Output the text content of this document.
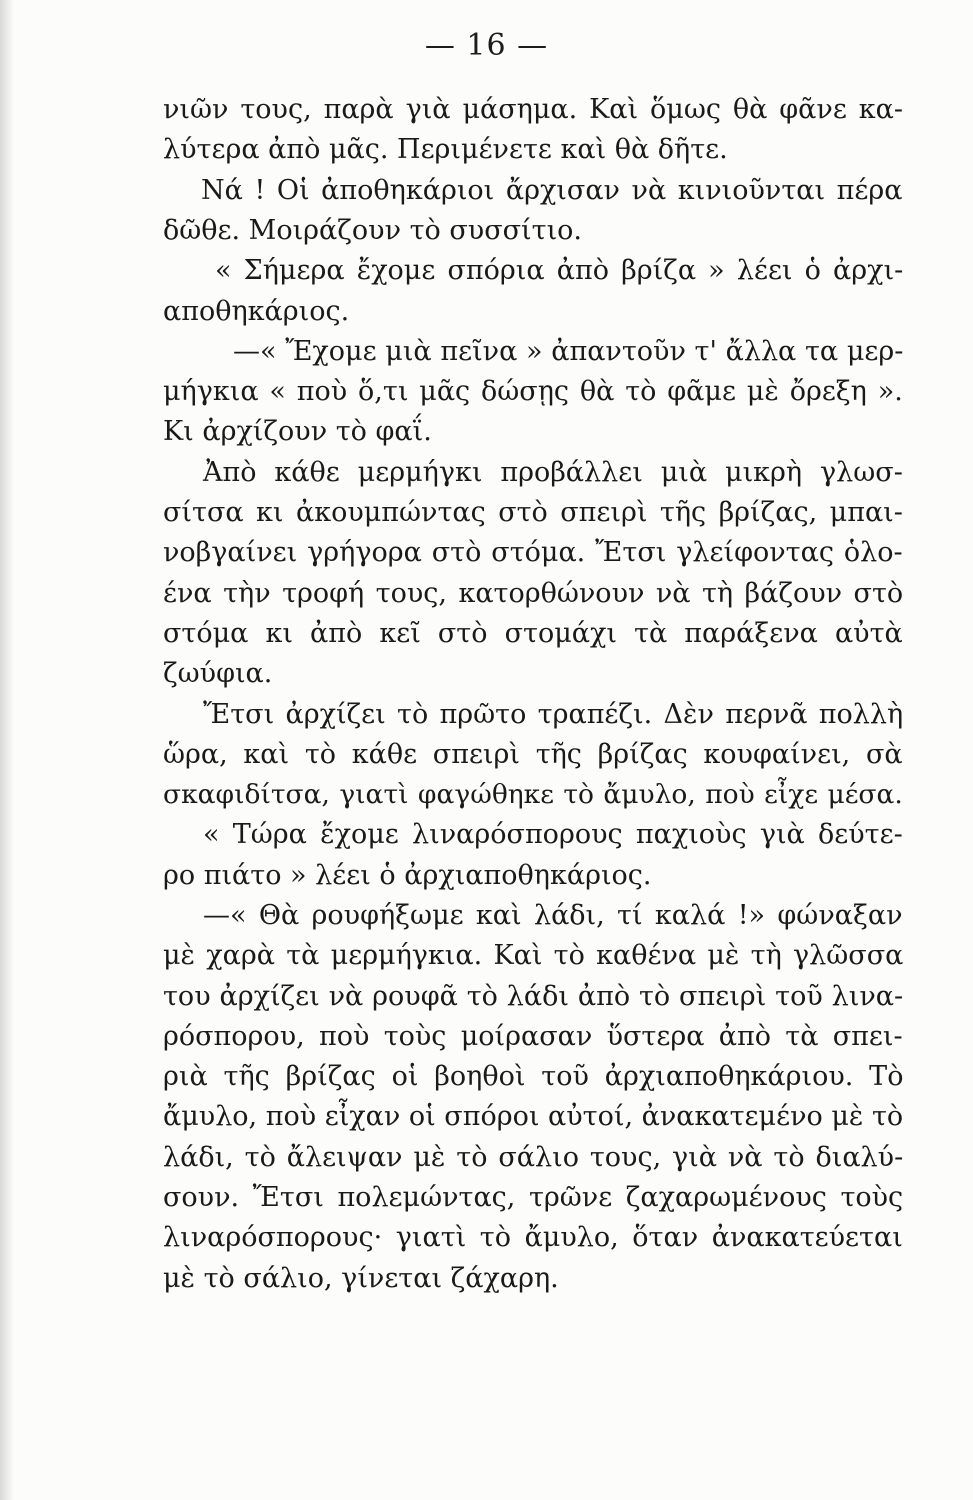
— 16 —
νιῶν τους, παρὰ γιὰ μάσημα. Καὶ ὅμως θὰ φᾶνε κα-
λύτερα ἀπὸ μᾶς. Περιμένετε καὶ θὰ δῆτε.
Νά ! Οἱ ἀποθηκάριοι ἄρχισαν νὰ κινιοῦνται πέρα
δῶθε. Μοιράζουν τὸ συσσίτιο.
« Σήμερα ἔχομε σπόρια ἀπὸ βρίζα » λέει ὁ ἀρχι-
αποθηκάριος.
—« Ἔχομε μιὰ πεῖνα » ἀπαντοῦν τ' ἄλλα τα μερ-
μήγκια « ποὺ ὅ,τι μᾶς δώσῃς θὰ τὸ φᾶμε μὲ ὄρεξη ».
Κι ἀρχίζουν τὸ φαΐ.
Ἀπὸ κάθε μερμήγκι προβάλλει μιὰ μικρὴ γλωσ-
σίτσα κι ἀκουμπώντας στὸ σπειρὶ τῆς βρίζας, μπαι-
νοβγαίνει γρήγορα στὸ στόμα. Ἔτσι γλείφοντας ὁλο-
ένα τὴν τροφή τους, κατορθώνουν νὰ τὴ βάζουν στὸ
στόμα κι ἀπὸ κεῖ στὸ στομάχι τὰ παράξενα αὐτὰ
ζωύφια.
Ἔτσι ἀρχίζει τὸ πρῶτο τραπέζι. Δὲν περνᾶ πολλὴ
ὥρα, καὶ τὸ κάθε σπειρὶ τῆς βρίζας κουφαίνει, σὰ
σκαφιδίτσα, γιατὶ φαγώθηκε τὸ ἄμυλο, ποὺ εἶχε μέσα.
« Τώρα ἔχομε λιναρόσπορους παχιοὺς γιὰ δεύτε-
ρο πιάτο » λέει ὁ ἀρχιαποθηκάριος.
—« Θὰ ρουφήξωμε καὶ λάδι, τί καλά !» φώναξαν
μὲ χαρὰ τὰ μερμήγκια. Καὶ τὸ καθένα μὲ τὴ γλῶσσα
του ἀρχίζει νὰ ρουφᾶ τὸ λάδι ἀπὸ τὸ σπειρὶ τοῦ λινα-
ρόσπορου, ποὺ τοὺς μοίρασαν ὕστερα ἀπὸ τὰ σπει-
ριὰ τῆς βρίζας οἱ βοηθοὶ τοῦ ἀρχιαποθηκάριου. Τὸ
ἄμυλο, ποὺ εἶχαν οἱ σπόροι αὐτοί, ἀνακατεμένο μὲ τὸ
λάδι, τὸ ἄλειψαν μὲ τὸ σάλιο τους, γιὰ νὰ τὸ διαλύ-
σουν. Ἔτσι πολεμώντας, τρῶνε ζαχαρωμένους τοὺς
λιναρόσπορους· γιατὶ τὸ ἄμυλο, ὅταν ἀνακατεύεται
μὲ τὸ σάλιο, γίνεται ζάχαρη.
